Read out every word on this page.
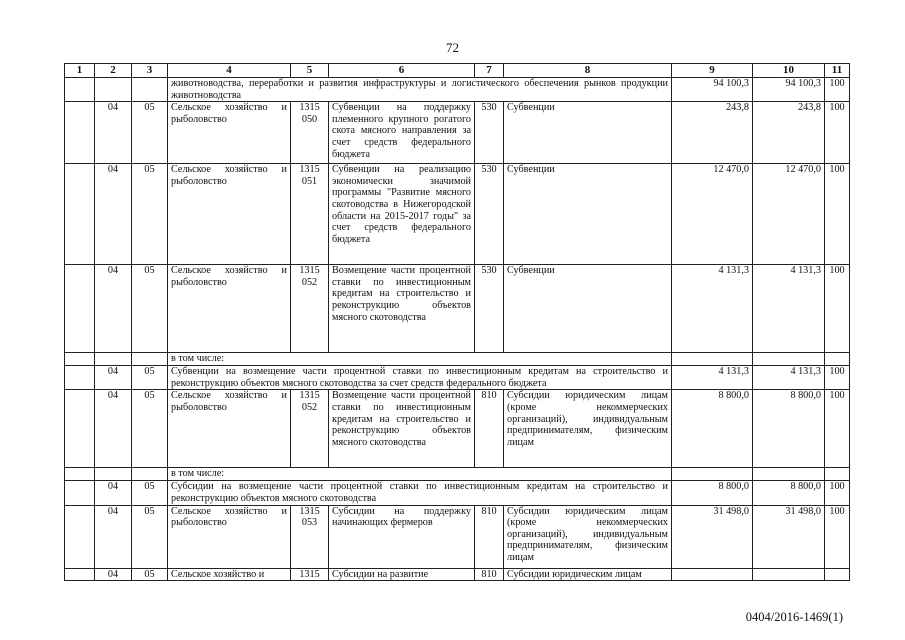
72
1	2	3	4	5	6	7	8	9	10	11
			животноводства, переработки и развития инфраструктуры и логистического обеспечения рынков продукции животноводства					94 100,3	94 100,3	100
	04	05	Сельское хозяйство и рыболовство	1315 050	Субвенции на поддержку племенного крупного рогатого скота мясного направления за счет средств федерального бюджета	530	Субвенции	243,8	243,8	100
	04	05	Сельское хозяйство и рыболовство	1315 051	Субвенции на реализацию экономически значимой программы "Развитие мясного скотоводства в Нижегородской области на 2015-2017 годы" за счет средств федерального бюджета	530	Субвенции	12 470,0	12 470,0	100
	04	05	Сельское хозяйство и рыболовство	1315 052	Возмещение части процентной ставки по инвестиционным кредитам на строительство и реконструкцию объектов мясного скотоводства	530	Субвенции	4 131,3	4 131,3	100
			в том числе:							
	04	05	Субвенции на возмещение части процентной ставки по инвестиционным кредитам на строительство и реконструкцию объектов мясного скотоводства за счет средств федерального бюджета					4 131,3	4 131,3	100
	04	05	Сельское хозяйство и рыболовство	1315 052	Возмещение части процентной ставки по инвестиционным кредитам на строительство и реконструкцию объектов мясного скотоводства	810	Субсидии юридическим лицам (кроме некоммерческих организаций), индивидуальным предпринимателям, физическим лицам	8 800,0	8 800,0	100
			в том числе:							
	04	05	Субсидии на возмещение части процентной ставки по инвестиционным кредитам на строительство и реконструкцию объектов мясного скотоводства					8 800,0	8 800,0	100
	04	05	Сельское хозяйство и рыболовство	1315 053	Субсидии на поддержку начинающих фермеров	810	Субсидии юридическим лицам (кроме некоммерческих организаций), индивидуальным предпринимателям, физическим лицам	31 498,0	31 498,0	100
	04	05	Сельское хозяйство и	1315	Субсидии на развитие	810	Субсидии юридическим лицам			
0404/2016-1469(1)
